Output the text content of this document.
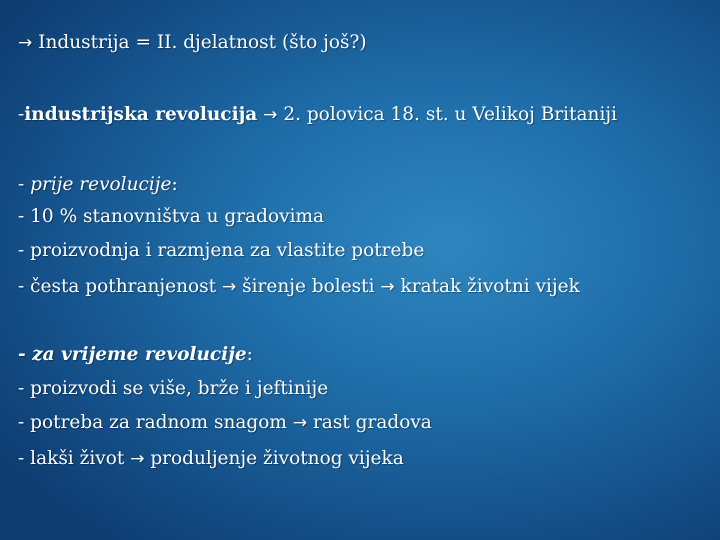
→ Industrija = II. djelatnost (što još?)

-industrijska revolucija → 2. polovica 18. st. u Velikoj Britaniji

- prije revolucije:

- 10 % stanovništva u gradovima

- proizvodnja i razmjena za vlastite potrebe

- česta pothranjenost → širenje bolesti → kratak životni vijek

- za vrijeme revolucije:

- proizvodi se više, brže i jeftinije

- potreba za radnom snagom → rast gradova

- lakši život → produljenje životnog vijeka
